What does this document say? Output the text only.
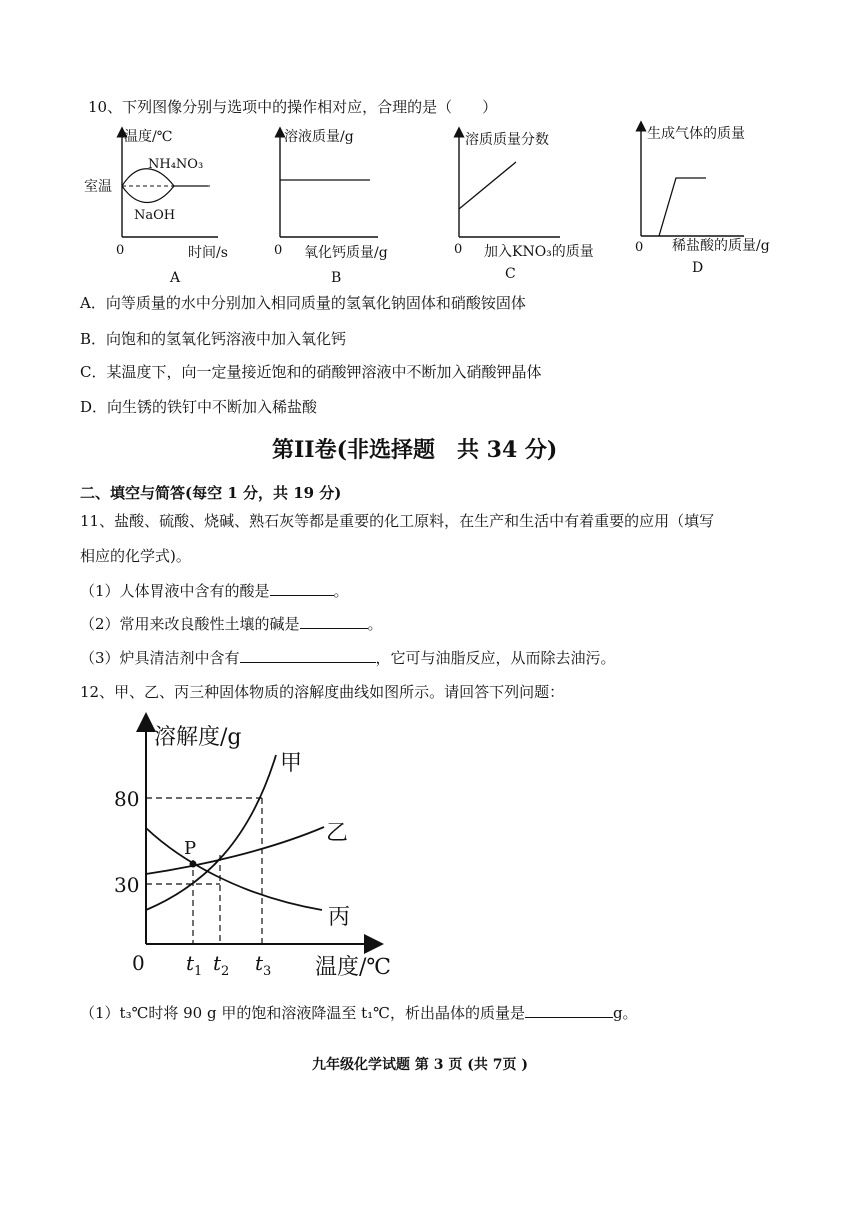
10、下列图像分别与选项中的操作相对应，合理的是（　　）
温度/℃
室温
NH₄NO₃
NaOH
0	时间/s
A
溶液质量/g
0 氧化钙质量/g
B
溶质质量分数
0 加入KNO₃的质量
C
生成气体的质量
0 稀盐酸的质量/g
D
A．向等质量的水中分别加入相同质量的氢氧化钠固体和硝酸铵固体
B．向饱和的氢氧化钙溶液中加入氧化钙
C．某温度下，向一定量接近饱和的硝酸钾溶液中不断加入硝酸钾晶体
D．向生锈的铁钉中不断加入稀盐酸
第II卷(非选择题　共 34 分)
二、填空与简答(每空 1 分，共 19 分)
11、盐酸、硫酸、烧碱、熟石灰等都是重要的化工原料，在生产和生活中有着重要的应用（填写
相应的化学式)。
（1）人体胃液中含有的酸是	。
（2）常用来改良酸性土壤的碱是	。
（3）炉具清洁剂中含有	，它可与油脂反应，从而除去油污。
12、甲、乙、丙三种固体物质的溶解度曲线如图所示。请回答下列问题：
溶解度/g
温度/℃
0
80
30
P
甲
乙
丙
$t_1$ $t_2$ $t_3$
（1）t₃℃时将 90 g 甲的饱和溶液降温至 t₁℃，析出晶体的质量是	g。
九年级化学试题 第 3 页 (共 7页 )
